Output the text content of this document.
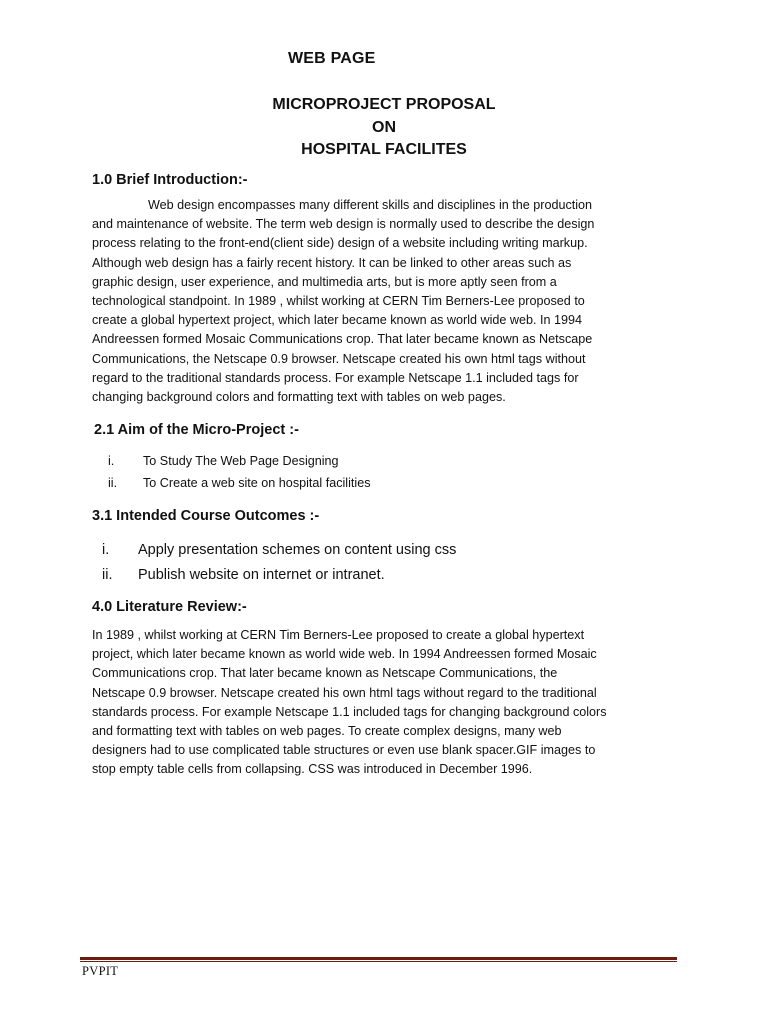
WEB PAGE
MICROPROJECT PROPOSAL
ON
HOSPITAL FACILITES
1.0 Brief Introduction:-

Web design encompasses many different skills and disciplines in the production

and maintenance of website. The term web design is normally used to describe the design

process relating to the front-end(client side) design of a website including writing markup.

Although web design has a fairly recent history. It can be linked to other areas such as

graphic design, user experience, and multimedia arts, but is more aptly seen from a

technological standpoint. In 1989 , whilst working at CERN Tim Berners-Lee proposed to

create a global hypertext project, which later became known as world wide web. In 1994

Andreessen formed Mosaic Communications crop. That later became known as Netscape

Communications, the Netscape 0.9 browser. Netscape created his own html tags without

regard to the traditional standards process. For example Netscape 1.1 included tags for

changing background colors and formatting text with tables on web pages.

2.1 Aim of the Micro-Project :-
i. To Study The Web Page Designing
ii. To Create a web site on hospital facilities
3.1 Intended Course Outcomes :-
i. Apply presentation schemes on content using css
ii. Publish website on internet or intranet.
4.0 Literature Review:-

In 1989 , whilst working at CERN Tim Berners-Lee proposed to create a global hypertext

project, which later became known as world wide web. In 1994 Andreessen formed Mosaic

Communications crop. That later became known as Netscape Communications, the

Netscape 0.9 browser. Netscape created his own html tags without regard to the traditional

standards process. For example Netscape 1.1 included tags for changing background colors

and formatting text with tables on web pages. To create complex designs, many web

designers had to use complicated table structures or even use blank spacer.GIF images to

stop empty table cells from collapsing. CSS was introduced in December 1996.

PVPIT
